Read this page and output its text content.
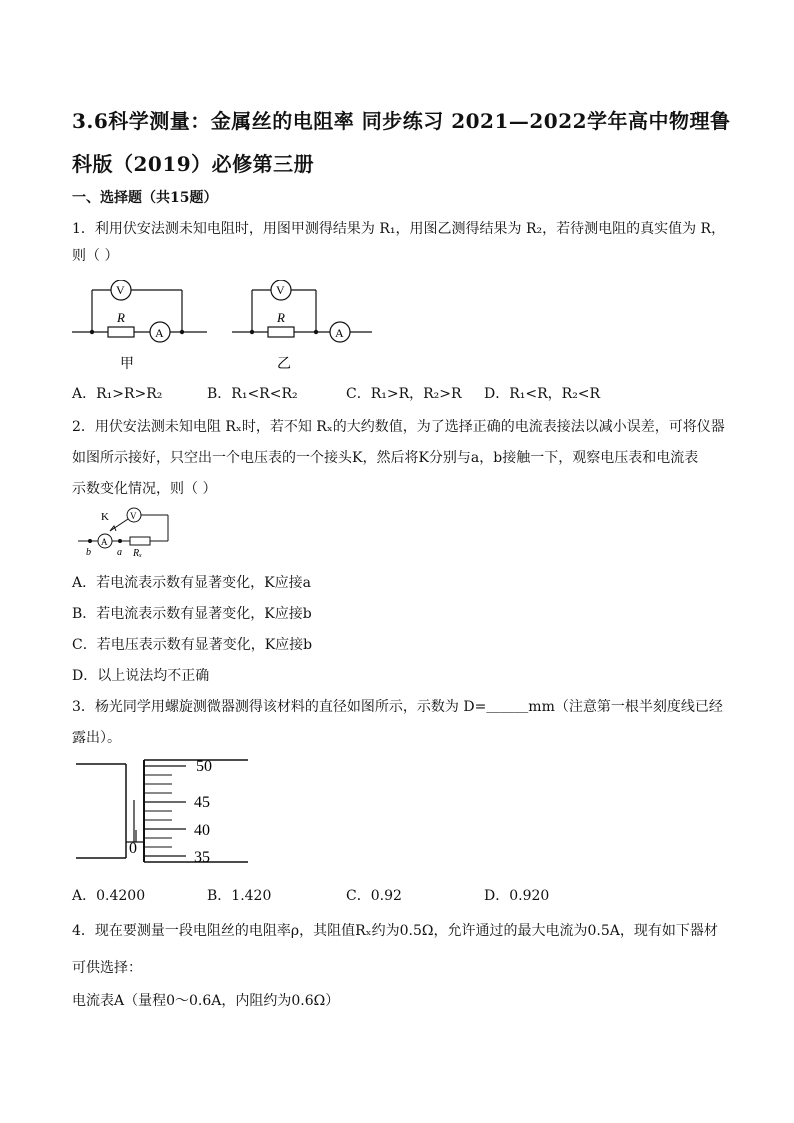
3.6科学测量：金属丝的电阻率 同步练习 2021—2022学年高中物理鲁
科版（2019）必修第三册
一、选择题（共15题）
1．利用伏安法测未知电阻时，用图甲测得结果为 R₁，用图乙测得结果为 R₂，若待测电阻的真实值为 R，
则（ ）
V
A
R
甲
V
A
R
乙
A．R₁>R>R₂	B．R₁<R<R₂	C．R₁>R，R₂>R D．R₁<R，R₂<R
2．用伏安法测未知电阻 Rₓ时，若不知 Rₓ的大约数值，为了选择正确的电流表接法以减小误差，可将仪器
如图所示接好，只空出一个电压表的一个接头K，然后将K分别与a，b接触一下，观察电压表和电流表
示数变化情况，则（ ）
K V
A
b	a Rₓ
A．若电流表示数有显著变化，K应接a
B．若电流表示数有显著变化，K应接b
C．若电压表示数有显著变化，K应接b
D．以上说法均不正确
3．杨光同学用螺旋测微器测得该材料的直径如图所示，示数为 D=＿＿＿mm（注意第一根半刻度线已经
露出）。
50
45
40
35
0
A．0.4200	B．1.420	C．0.92	D．0.920
4．现在要测量一段电阻丝的电阻率ρ，其阻值Rₓ约为0.5Ω，允许通过的最大电流为0.5A，现有如下器材
可供选择：
电流表A（量程0～0.6A，内阻约为0.6Ω）
